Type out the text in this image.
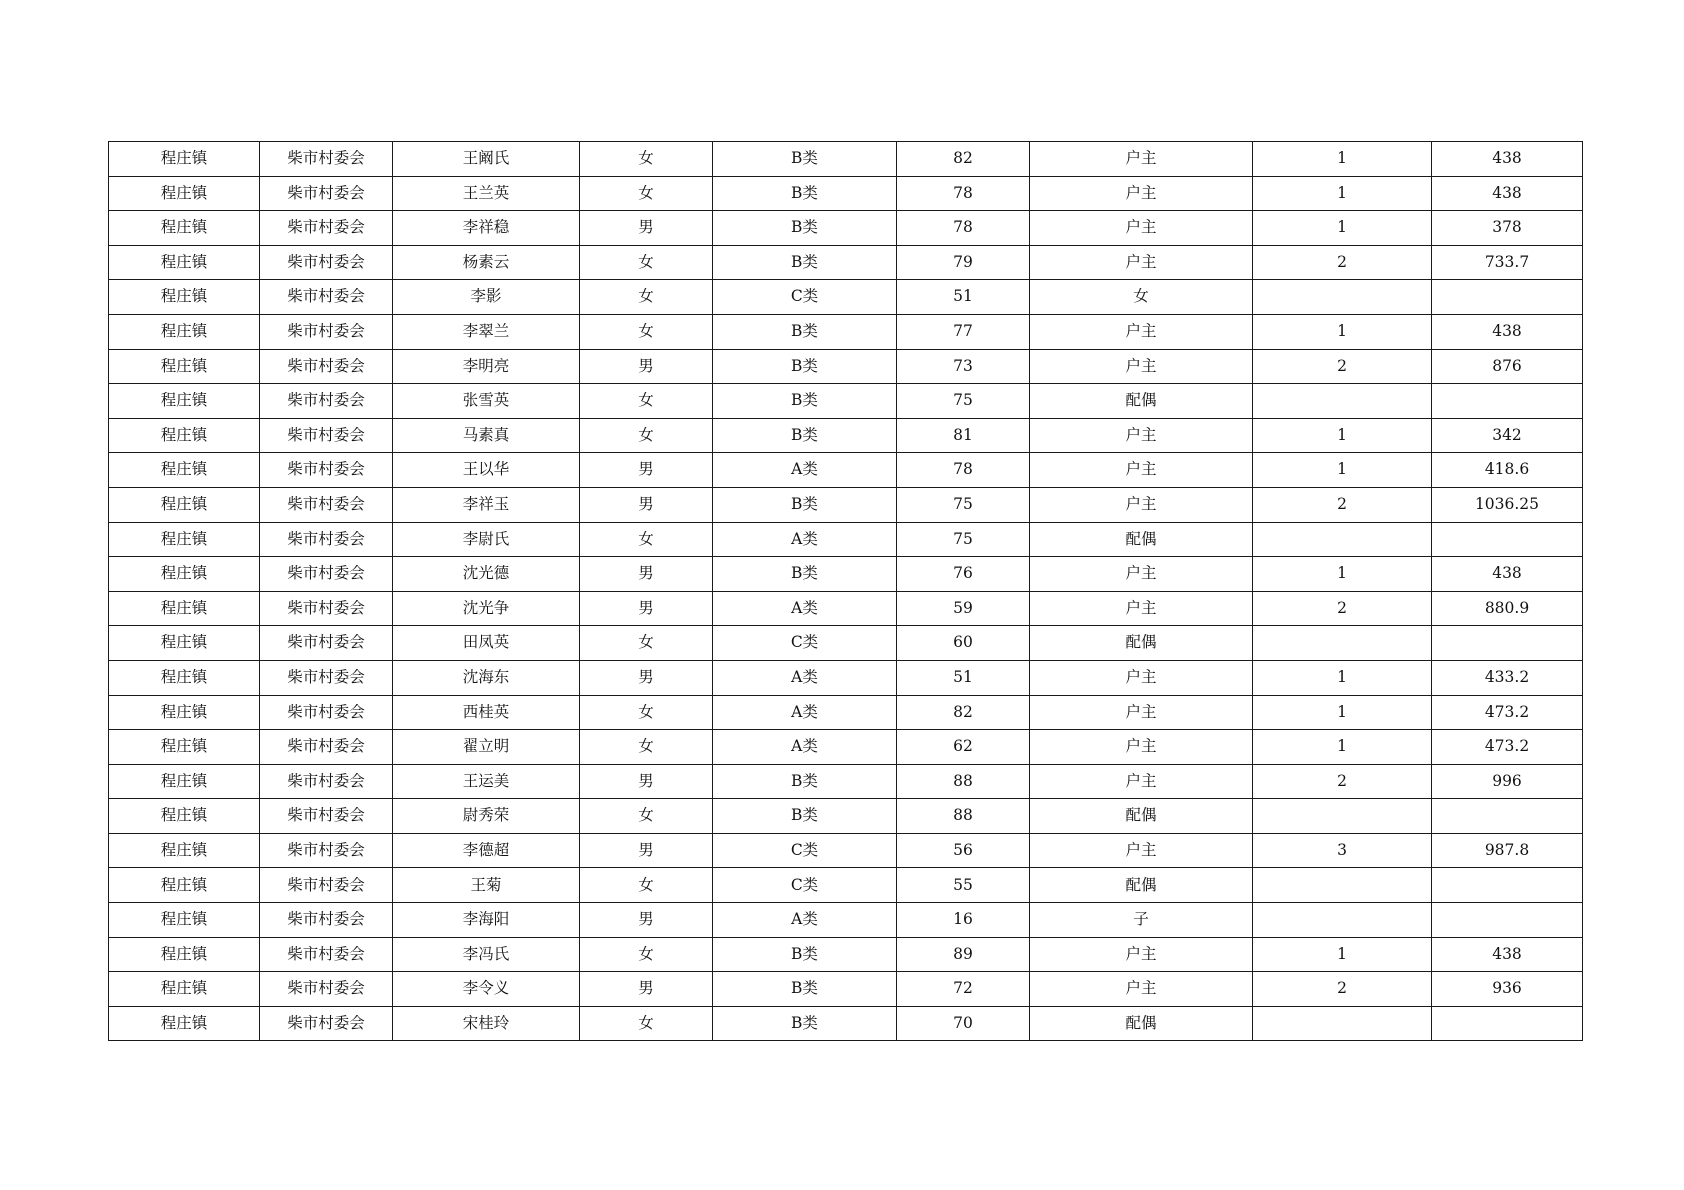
程庄镇	柴市村委会	王阚氏	女	B类	82	户主	1	438
程庄镇	柴市村委会	王兰英	女	B类	78	户主	1	438
程庄镇	柴市村委会	李祥稳	男	B类	78	户主	1	378
程庄镇	柴市村委会	杨素云	女	B类	79	户主	2	733.7
程庄镇	柴市村委会	李影	女	C类	51	女		
程庄镇	柴市村委会	李翠兰	女	B类	77	户主	1	438
程庄镇	柴市村委会	李明亮	男	B类	73	户主	2	876
程庄镇	柴市村委会	张雪英	女	B类	75	配偶		
程庄镇	柴市村委会	马素真	女	B类	81	户主	1	342
程庄镇	柴市村委会	王以华	男	A类	78	户主	1	418.6
程庄镇	柴市村委会	李祥玉	男	B类	75	户主	2	1036.25
程庄镇	柴市村委会	李尉氏	女	A类	75	配偶		
程庄镇	柴市村委会	沈光德	男	B类	76	户主	1	438
程庄镇	柴市村委会	沈光争	男	A类	59	户主	2	880.9
程庄镇	柴市村委会	田凤英	女	C类	60	配偶		
程庄镇	柴市村委会	沈海东	男	A类	51	户主	1	433.2
程庄镇	柴市村委会	西桂英	女	A类	82	户主	1	473.2
程庄镇	柴市村委会	翟立明	女	A类	62	户主	1	473.2
程庄镇	柴市村委会	王运美	男	B类	88	户主	2	996
程庄镇	柴市村委会	尉秀荣	女	B类	88	配偶		
程庄镇	柴市村委会	李德超	男	C类	56	户主	3	987.8
程庄镇	柴市村委会	王菊	女	C类	55	配偶		
程庄镇	柴市村委会	李海阳	男	A类	16	子		
程庄镇	柴市村委会	李冯氏	女	B类	89	户主	1	438
程庄镇	柴市村委会	李令义	男	B类	72	户主	2	936
程庄镇	柴市村委会	宋桂玲	女	B类	70	配偶		
